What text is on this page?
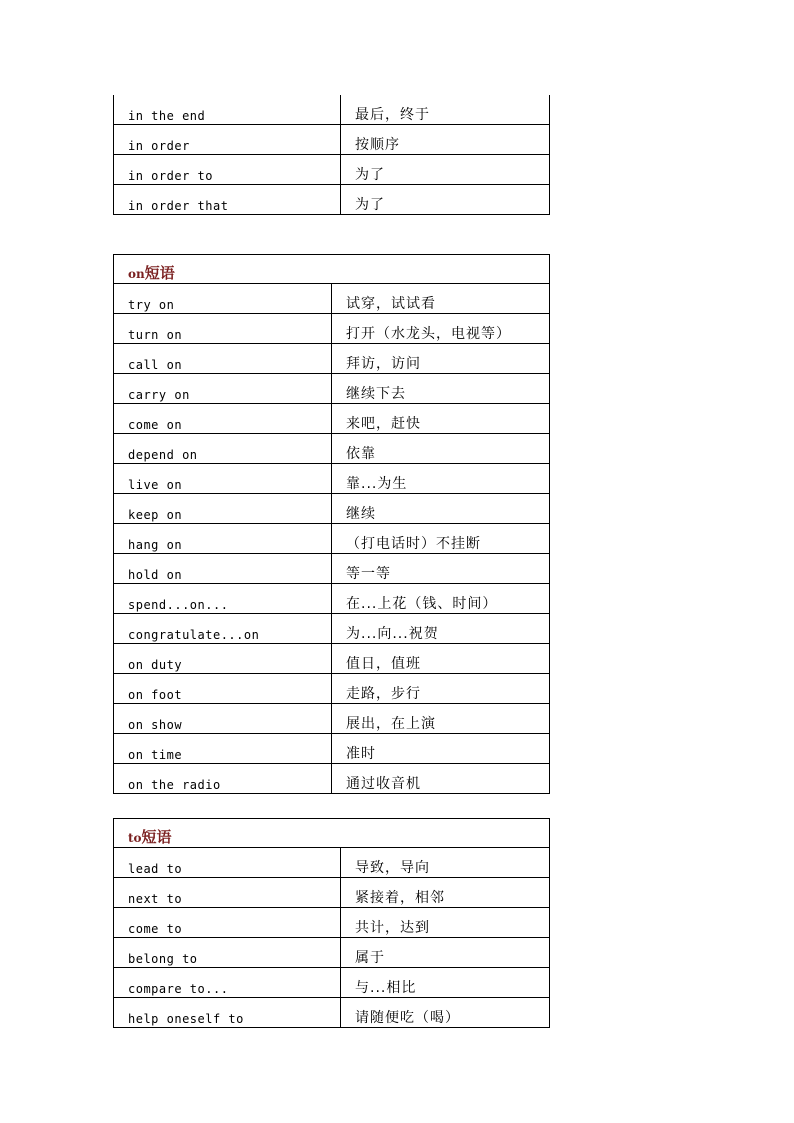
in the end	最后，终于
in order	按顺序
in order to	为了
in order that	为了
on短语	
try on	试穿，试试看
turn on	打开（水龙头，电视等）
call on	拜访，访问
carry on	继续下去
come on	来吧，赶快
depend on	依靠
live on	靠...为生
keep on	继续
hang on	（打电话时）不挂断
hold on	等一等
spend...on...	在...上花（钱、时间）
congratulate...on	为...向...祝贺
on duty	值日，值班
on foot	走路，步行
on show	展出，在上演
on time	准时
on the radio	通过收音机
to短语	
lead to	导致，导向
next to	紧接着，相邻
come to	共计，达到
belong to	属于
compare to...	与...相比
help oneself to	请随便吃（喝）
